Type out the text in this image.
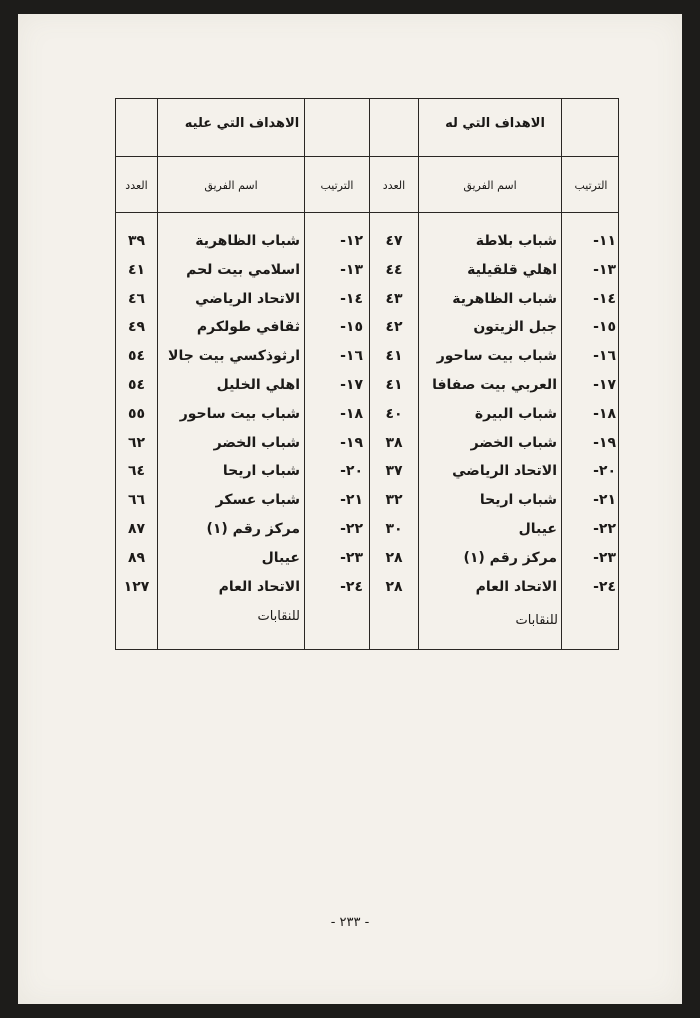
الاهداف التي له
الاهداف التي عليه
الترتيب
اسم الفريق
العدد
الترتيب
اسم الفريق
العدد
١١-
شباب بلاطة
٤٧
١٢-
شباب الظاهرية
٣٩
١٣-
اهلي قلقيلية
٤٤
١٣-
اسلامي بيت لحم
٤١
١٤-
شباب الظاهرية
٤٣
١٤-
الاتحاد الرياضي
٤٦
١٥-
جبل الزيتون
٤٢
١٥-
ثقافي طولكرم
٤٩
١٦-
شباب بيت ساحور
٤١
١٦-
ارثوذكسي بيت جالا
٥٤
١٧-
العربي بيت صفافا
٤١
١٧-
اهلي الخليل
٥٤
١٨-
شباب البيرة
٤٠
١٨-
شباب بيت ساحور
٥٥
١٩-
شباب الخضر
٣٨
١٩-
شباب الخضر
٦٢
٢٠-
الاتحاد الرياضي
٣٧
٢٠-
شباب اريحا
٦٤
٢١-
شباب اريحا
٣٢
٢١-
شباب عسكر
٦٦
٢٢-
عيبال
٣٠
٢٢-
مركز رقم (١)
٨٧
٢٣-
مركز رقم (١)
٢٨
٢٣-
عيبال
٨٩
٢٤-
الاتحاد العام
٢٨
٢٤-
الاتحاد العام
١٢٧
للنقابات
للنقابات
- ٢٣٣ -
